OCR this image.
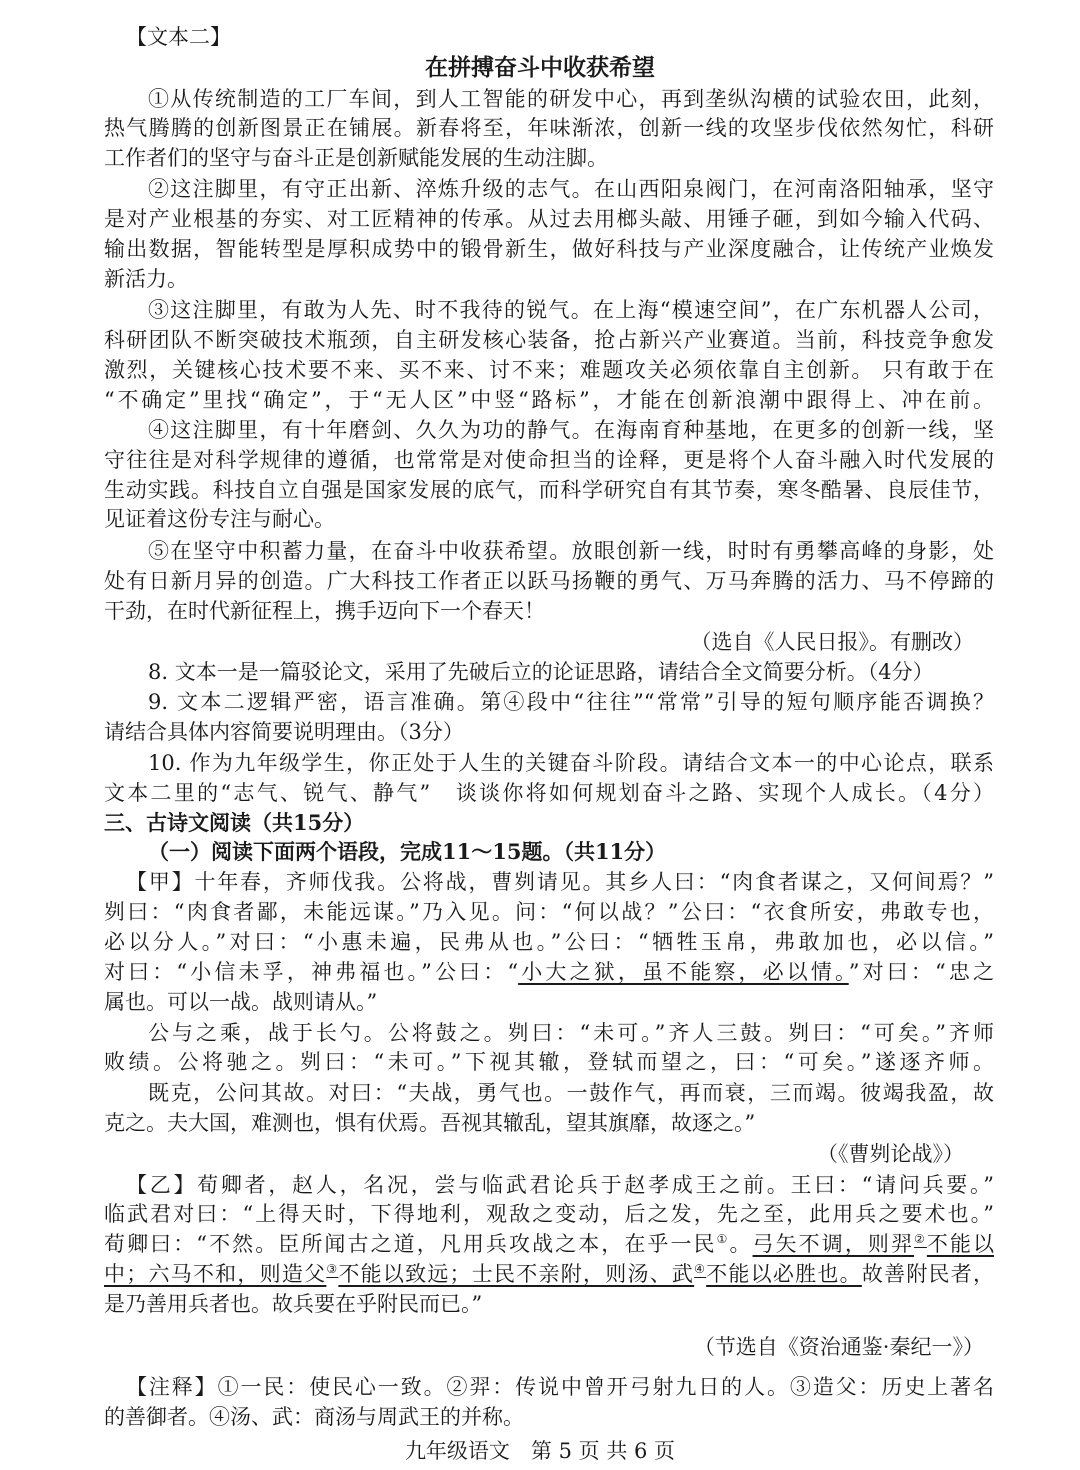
【文本二】
在拼搏奋斗中收获希望
①从传统制造的工厂车间，到人工智能的研发中心，再到垄纵沟横的试验农田，此刻，
热气腾腾的创新图景正在铺展。新春将至，年味渐浓，创新一线的攻坚步伐依然匆忙，科研
工作者们的坚守与奋斗正是创新赋能发展的生动注脚。
②这注脚里，有守正出新、淬炼升级的志气。在山西阳泉阀门，在河南洛阳轴承，坚守
是对产业根基的夯实、对工匠精神的传承。从过去用榔头敲、用锤子砸，到如今输入代码、
输出数据，智能转型是厚积成势中的锻骨新生，做好科技与产业深度融合，让传统产业焕发
新活力。
③这注脚里，有敢为人先、时不我待的锐气。在上海“模速空间”，在广东机器人公司，
科研团队不断突破技术瓶颈，自主研发核心装备，抢占新兴产业赛道。当前，科技竞争愈发
激烈，关键核心技术要不来、买不来、讨不来；难题攻关必须依靠自主创新。 只有敢于在
“不确定”里找“确定”，于“无人区”中竖“路标”，才能在创新浪潮中跟得上、冲在前。
④这注脚里，有十年磨剑、久久为功的静气。在海南育种基地，在更多的创新一线，坚
守往往是对科学规律的遵循，也常常是对使命担当的诠释，更是将个人奋斗融入时代发展的
生动实践。科技自立自强是国家发展的底气，而科学研究自有其节奏，寒冬酷暑、良辰佳节，
见证着这份专注与耐心。
⑤在坚守中积蓄力量，在奋斗中收获希望。放眼创新一线，时时有勇攀高峰的身影，处
处有日新月异的创造。广大科技工作者正以跃马扬鞭的勇气、万马奔腾的活力、马不停蹄的
干劲，在时代新征程上，携手迈向下一个春天！
（选自《人民日报》。有删改）
8. 文本一是一篇驳论文，采用了先破后立的论证思路，请结合全文简要分析。（4分）
9. 文本二逻辑严密，语言准确。第④段中“往往”“常常”引导的短句顺序能否调换？
请结合具体内容简要说明理由。（3分）
10. 作为九年级学生，你正处于人生的关键奋斗阶段。请结合文本一的中心论点，联系
文本二里的“志气、锐气、静气”　谈谈你将如何规划奋斗之路、实现个人成长。（4分）
三、古诗文阅读（共15分）
（一）阅读下面两个语段，完成11～15题。（共11分）
【甲】十年春，齐师伐我。公将战，曹刿请见。其乡人曰：“肉食者谋之，又何间焉？”
刿曰：“肉食者鄙，未能远谋。”乃入见。问：“何以战？”公曰：“衣食所安，弗敢专也，
必以分人。”对曰：“小惠未遍，民弗从也。”公曰：“牺牲玉帛，弗敢加也，必以信。”
对曰：“小信未孚，神弗福也。”公曰：“小大之狱，虽不能察，必以情。”对曰：“忠之
属也。可以一战。战则请从。”
公与之乘，战于长勺。公将鼓之。刿曰：“未可。”齐人三鼓。刿曰：“可矣。”齐师
败绩。公将驰之。刿曰：“未可。”下视其辙，登轼而望之，曰：“可矣。”遂逐齐师。
既克，公问其故。对曰：“夫战，勇气也。一鼓作气，再而衰，三而竭。彼竭我盈，故
克之。夫大国，难测也，惧有伏焉。吾视其辙乱，望其旗靡，故逐之。”
（《曹刿论战》）
【乙】荀卿者，赵人，名况，尝与临武君论兵于赵孝成王之前。王曰：“请问兵要。”
临武君对曰：“上得天时，下得地利，观敌之变动，后之发，先之至，此用兵之要术也。”
荀卿曰：“不然。臣所闻古之道，凡用兵攻战之本，在乎一民①。弓矢不调，则羿②不能以
中；六马不和，则造父③不能以致远；士民不亲附，则汤、武④不能以必胜也。故善附民者，
是乃善用兵者也。故兵要在乎附民而已。”
（节选自《资治通鉴·秦纪一》）
【注释】①一民：使民心一致。②羿：传说中曾开弓射九日的人。③造父：历史上著名
的善御者。④汤、武：商汤与周武王的并称。
九年级语文　第 5 页 共 6 页
